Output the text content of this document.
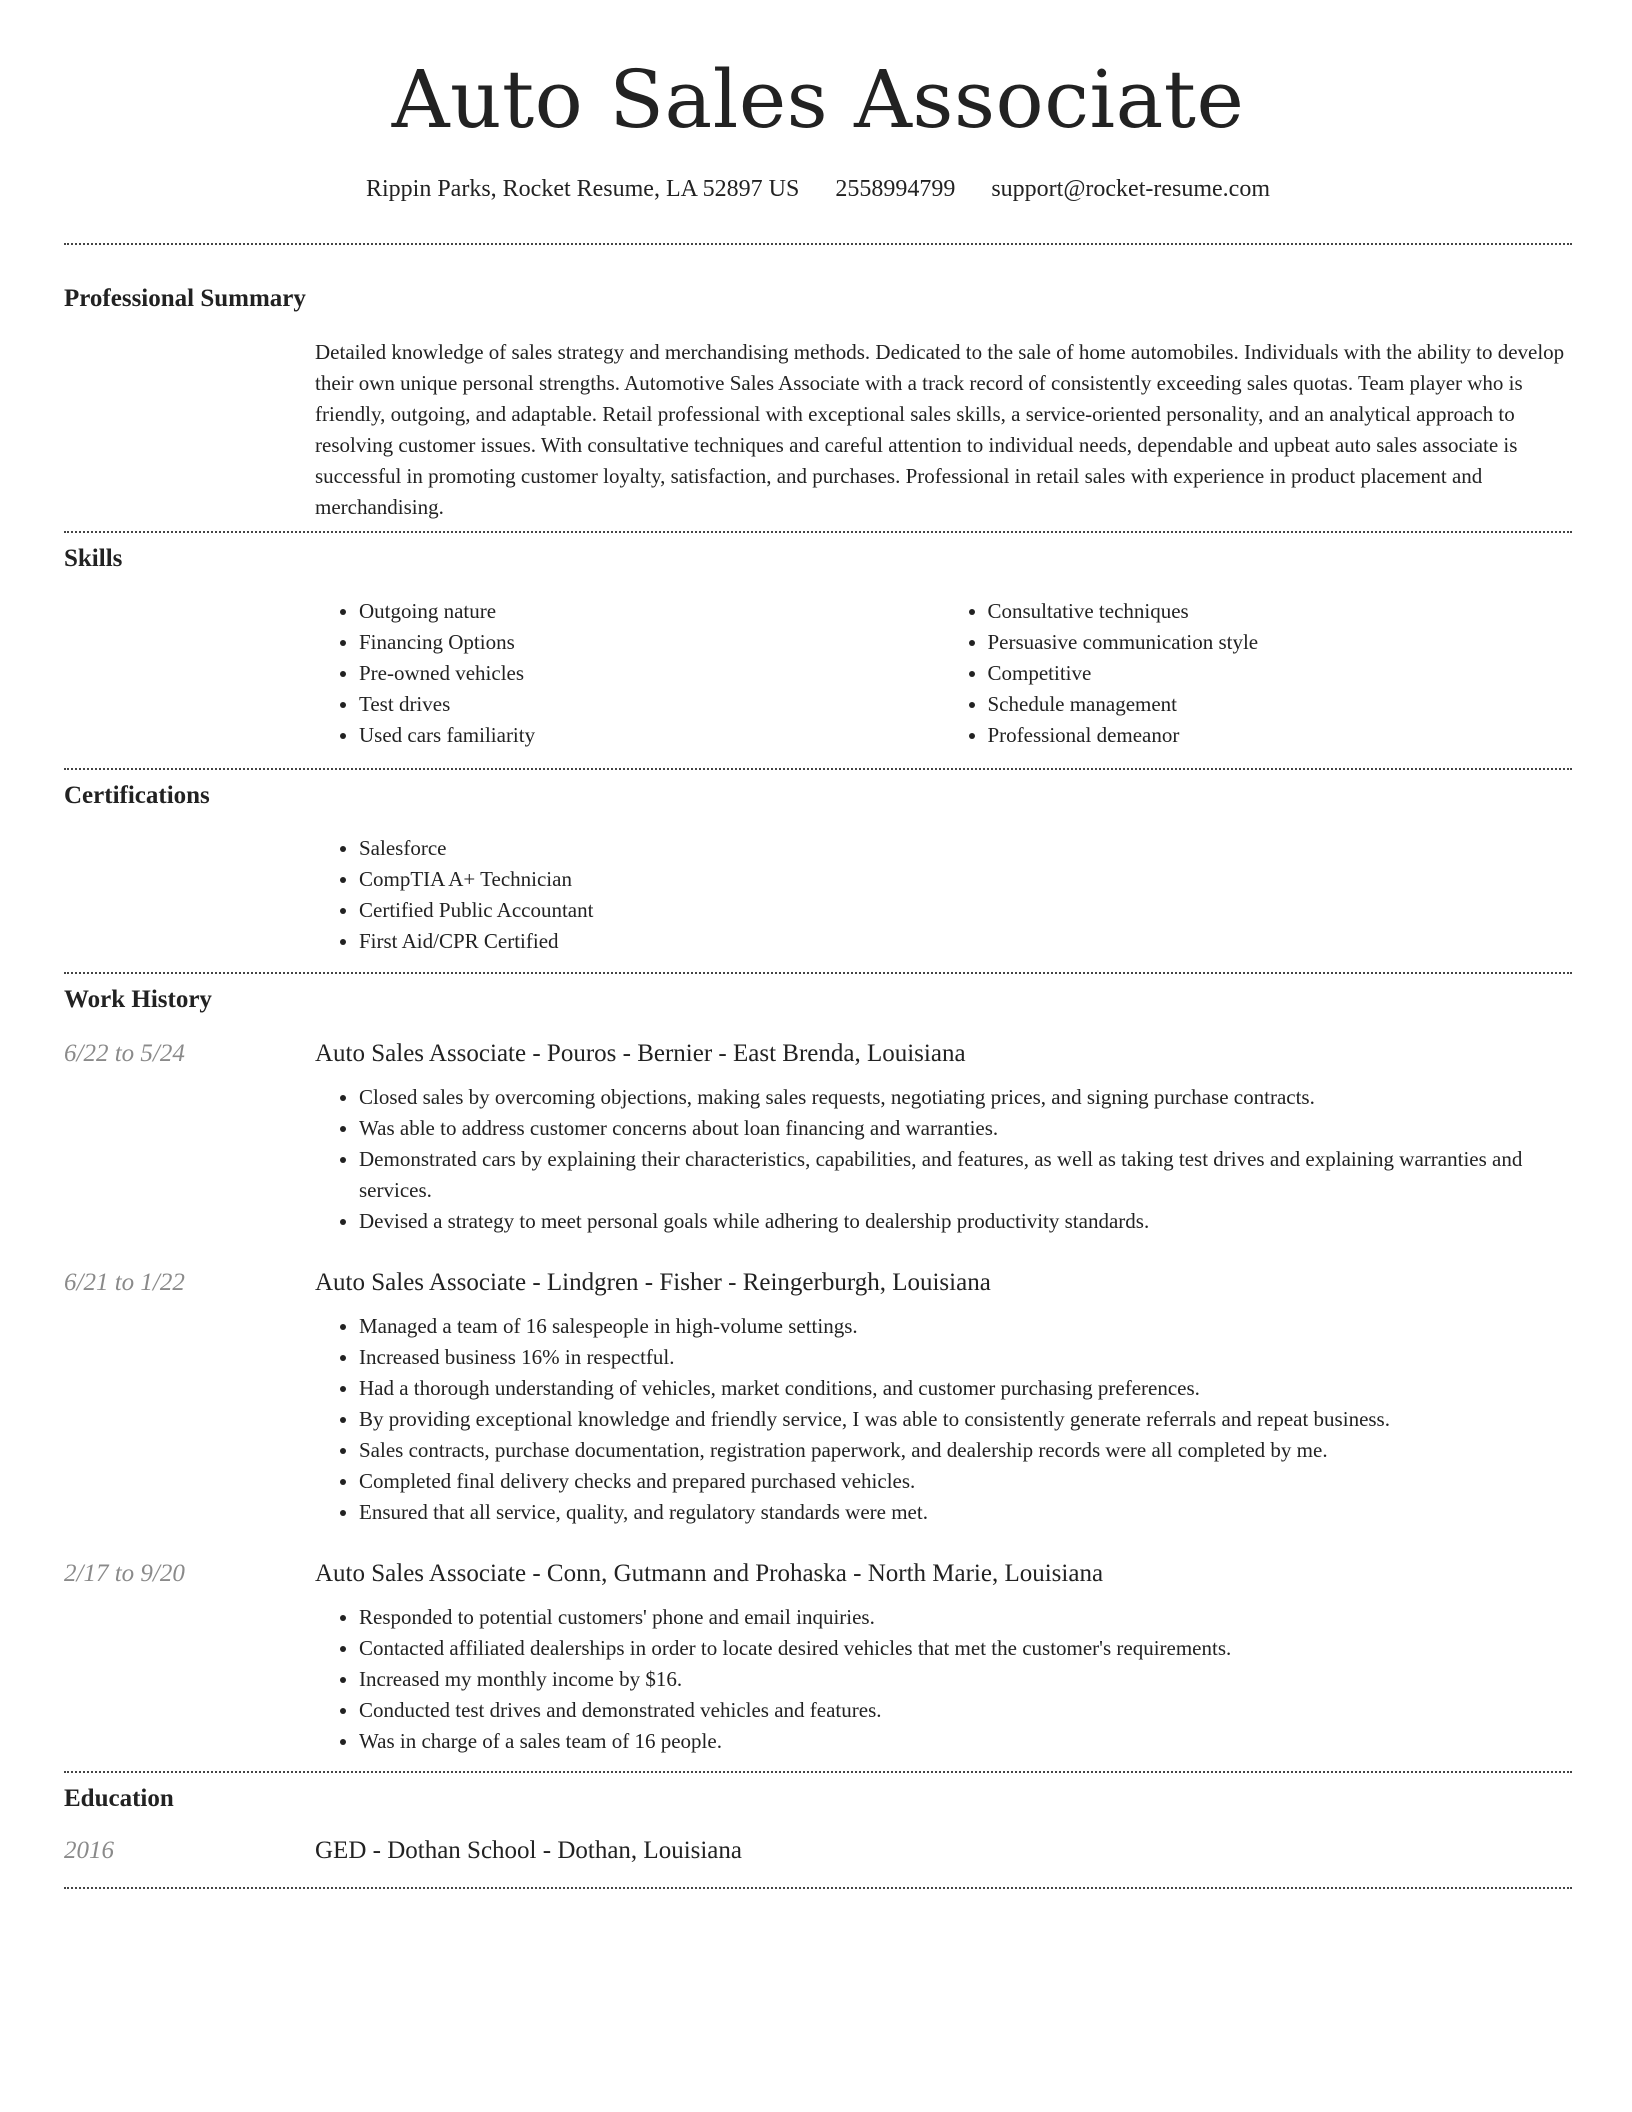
Auto Sales Associate
Rippin Parks, Rocket Resume, LA 52897 US 2558994799 support@rocket-resume.com
Professional Summary
Detailed knowledge of sales strategy and merchandising methods. Dedicated to the sale of home automobiles. Individuals with the ability to develop their own unique personal strengths. Automotive Sales Associate with a track record of consistently exceeding sales quotas. Team player who is friendly, outgoing, and adaptable. Retail professional with exceptional sales skills, a service-oriented personality, and an analytical approach to resolving customer issues. With consultative techniques and careful attention to individual needs, dependable and upbeat auto sales associate is successful in promoting customer loyalty, satisfaction, and purchases. Professional in retail sales with experience in product placement and merchandising.
Skills
• Outgoing nature
• Financing Options
• Pre-owned vehicles
• Test drives
• Used cars familiarity
• Consultative techniques
• Persuasive communication style
• Competitive
• Schedule management
• Professional demeanor
Certifications
• Salesforce
• CompTIA A+ Technician
• Certified Public Accountant
• First Aid/CPR Certified
Work History
6/22 to 5/24	Auto Sales Associate - Pouros - Bernier - East Brenda, Louisiana
• Closed sales by overcoming objections, making sales requests, negotiating prices, and signing purchase contracts.
• Was able to address customer concerns about loan financing and warranties.
• Demonstrated cars by explaining their characteristics, capabilities, and features, as well as taking test drives and explaining warranties and services.
• Devised a strategy to meet personal goals while adhering to dealership productivity standards.
6/21 to 1/22	Auto Sales Associate - Lindgren - Fisher - Reingerburgh, Louisiana
• Managed a team of 16 salespeople in high-volume settings.
• Increased business 16% in respectful.
• Had a thorough understanding of vehicles, market conditions, and customer purchasing preferences.
• By providing exceptional knowledge and friendly service, I was able to consistently generate referrals and repeat business.
• Sales contracts, purchase documentation, registration paperwork, and dealership records were all completed by me.
• Completed final delivery checks and prepared purchased vehicles.
• Ensured that all service, quality, and regulatory standards were met.
2/17 to 9/20	Auto Sales Associate - Conn, Gutmann and Prohaska - North Marie, Louisiana
• Responded to potential customers' phone and email inquiries.
• Contacted affiliated dealerships in order to locate desired vehicles that met the customer's requirements.
• Increased my monthly income by $16.
• Conducted test drives and demonstrated vehicles and features.
• Was in charge of a sales team of 16 people.
Education
2016	GED - Dothan School - Dothan, Louisiana
